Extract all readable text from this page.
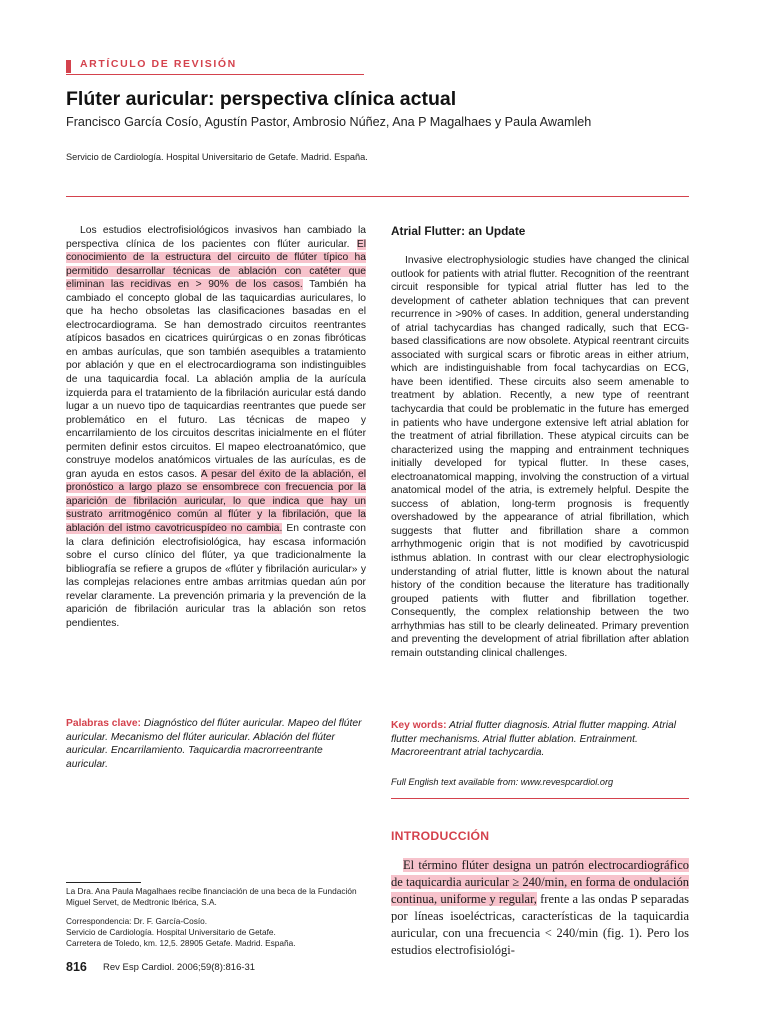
ARTÍCULO DE REVISIÓN
Flúter auricular: perspectiva clínica actual
Francisco García Cosío, Agustín Pastor, Ambrosio Núñez, Ana P Magalhaes y Paula Awamleh
Servicio de Cardiología. Hospital Universitario de Getafe. Madrid. España.

Los estudios electrofisiológicos invasivos han cambiado la perspectiva clínica de los pacientes con flúter auricular. El conocimiento de la estructura del circuito de flúter típico ha permitido desarrollar técnicas de ablación con catéter que eliminan las recidivas en > 90% de los casos. También ha cambiado el concepto global de las taquicardias auriculares, lo que ha hecho obsoletas las clasificaciones basadas en el electrocardiograma. Se han demostrado circuitos reentrantes atípicos basados en cicatrices quirúrgicas o en zonas fibróticas en ambas aurículas, que son también asequibles a tratamiento por ablación y que en el electrocardiograma son indistinguibles de una taquicardia focal. La ablación amplia de la aurícula izquierda para el tratamiento de la fibrilación auricular está dando lugar a un nuevo tipo de taquicardias reentrantes que puede ser problemático en el futuro. Las técnicas de mapeo y encarrilamiento de los circuitos descritas inicialmente en el flúter permiten definir estos circuitos. El mapeo electroanatómico, que construye modelos anatómicos virtuales de las aurículas, es de gran ayuda en estos casos. A pesar del éxito de la ablación, el pronóstico a largo plazo se ensombrece con frecuencia por la aparición de fibrilación auricular, lo que indica que hay un sustrato arritmogénico común al flúter y la fibrilación, que la ablación del istmo cavotricuspídeo no cambia. En contraste con la clara definición electrofisiológica, hay escasa información sobre el curso clínico del flúter, ya que tradicionalmente la bibliografía se refiere a grupos de «flúter y fibrilación auricular» y las complejas relaciones entre ambas arritmias quedan aún por revelar claramente. La prevención primaria y la prevención de la aparición de fibrilación auricular tras la ablación son retos pendientes.

Atrial Flutter: an Update

Invasive electrophysiologic studies have changed the clinical outlook for patients with atrial flutter. Recognition of the reentrant circuit responsible for typical atrial flutter has led to the development of catheter ablation techniques that can prevent recurrence in >90% of cases. In addition, general understanding of atrial tachycardias has changed radically, such that ECG-based classifications are now obsolete. Atypical reentrant circuits associated with surgical scars or fibrotic areas in either atrium, which are indistinguishable from focal tachycardias on ECG, have been identified. These circuits also seem amenable to treatment by ablation. Recently, a new type of reentrant tachycardia that could be problematic in the future has emerged in patients who have undergone extensive left atrial ablation for the treatment of atrial fibrillation. These atypical circuits can be characterized using the mapping and entrainment techniques initially developed for typical flutter. In these cases, electroanatomical mapping, involving the construction of a virtual anatomical model of the atria, is extremely helpful. Despite the success of ablation, long-term prognosis is frequently overshadowed by the appearance of atrial fibrillation, which suggests that flutter and fibrillation share a common arrhythmogenic origin that is not modified by cavotricuspid isthmus ablation. In contrast with our clear electrophysiologic understanding of atrial flutter, little is known about the natural history of the condition because the literature has traditionally grouped patients with flutter and fibrillation together. Consequently, the complex relationship between the two arrhythmias has still to be clearly delineated. Primary prevention and preventing the development of atrial fibrillation after ablation remain outstanding clinical challenges.

Palabras clave: Diagnóstico del flúter auricular. Mapeo del flúter auricular. Mecanismo del flúter auricular. Ablación del flúter auricular. Encarrilamiento. Taquicardia macrorreentrante auricular.

Key words: Atrial flutter diagnosis. Atrial flutter mapping. Atrial flutter mechanisms. Atrial flutter ablation. Entrainment. Macroreentrant atrial tachycardia.

Full English text available from: www.revespcardiol.org
INTRODUCCIÓN
El término flúter designa un patrón electrocardiográfico de taquicardia auricular ≥ 240/min, en forma de ondulación continua, uniforme y regular, frente a las ondas P separadas por líneas isoeléctricas, características de la taquicardia auricular, con una frecuencia < 240/min (fig. 1). Pero los estudios electrofisiológi-

La Dra. Ana Paula Magalhaes recibe financiación de una beca de la Fundación Miguel Servet, de Medtronic Ibérica, S.A.

Correspondencia: Dr. F. García-Cosío.

Servicio de Cardiología. Hospital Universitario de Getafe.

Carretera de Toledo, km. 12,5. 28905 Getafe. Madrid. España.

816 Rev Esp Cardiol. 2006;59(8):816-31
